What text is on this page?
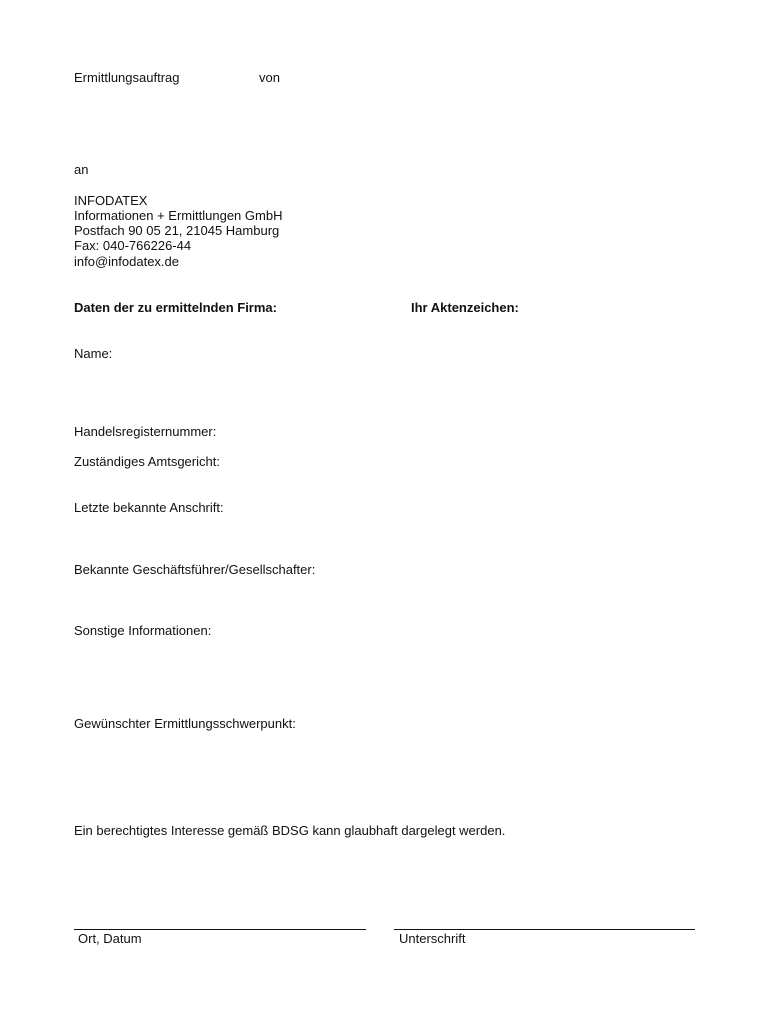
Ermittlungsauftrag	von

an

INFODATEX

Informationen + Ermittlungen GmbH

Postfach 90 05 21, 21045 Hamburg

Fax: 040-766226-44

info@infodatex.de

Daten der zu ermittelnden Firma:	Ihr Aktenzeichen:

Name:

Handelsregisternummer:

Zuständiges Amtsgericht:

Letzte bekannte Anschrift:

Bekannte Geschäftsführer/Gesellschafter:

Sonstige Informationen:

Gewünschter Ermittlungsschwerpunkt:

Ein berechtigtes Interesse gemäß BDSG kann glaubhaft dargelegt werden.

Ort, Datum	Unterschrift
